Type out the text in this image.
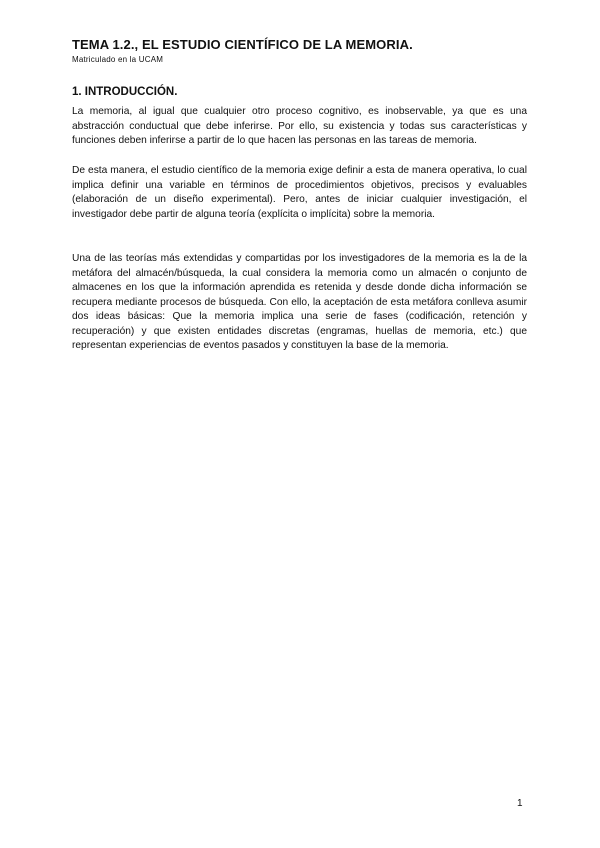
TEMA 1.2., EL ESTUDIO CIENTÍFICO DE LA MEMORIA.

Matriculado en la UCAM

1. INTRODUCCIÓN.

La memoria, al igual que cualquier otro proceso cognitivo, es inobservable, ya que es una abstracción conductual que debe inferirse. Por ello, su existencia y todas sus características y funciones deben inferirse a partir de lo que hacen las personas en las tareas de memoria.

De esta manera, el estudio científico de la memoria exige definir a esta de manera operativa, lo cual implica definir una variable en términos de procedimientos objetivos, precisos y evaluables (elaboración de un diseño experimental). Pero, antes de iniciar cualquier investigación, el investigador debe partir de alguna teoría (explícita o implícita) sobre la memoria.

Una de las teorías más extendidas y compartidas por los investigadores de la memoria es la de la metáfora del almacén/búsqueda, la cual considera la memoria como un almacén o conjunto de almacenes en los que la información aprendida es retenida y desde donde dicha información se recupera mediante procesos de búsqueda. Con ello, la aceptación de esta metáfora conlleva asumir dos ideas básicas: Que la memoria implica una serie de fases (codificación, retención y recuperación) y que existen entidades discretas (engramas, huellas de memoria, etc.) que representan experiencias de eventos pasados y constituyen la base de la memoria.

1
